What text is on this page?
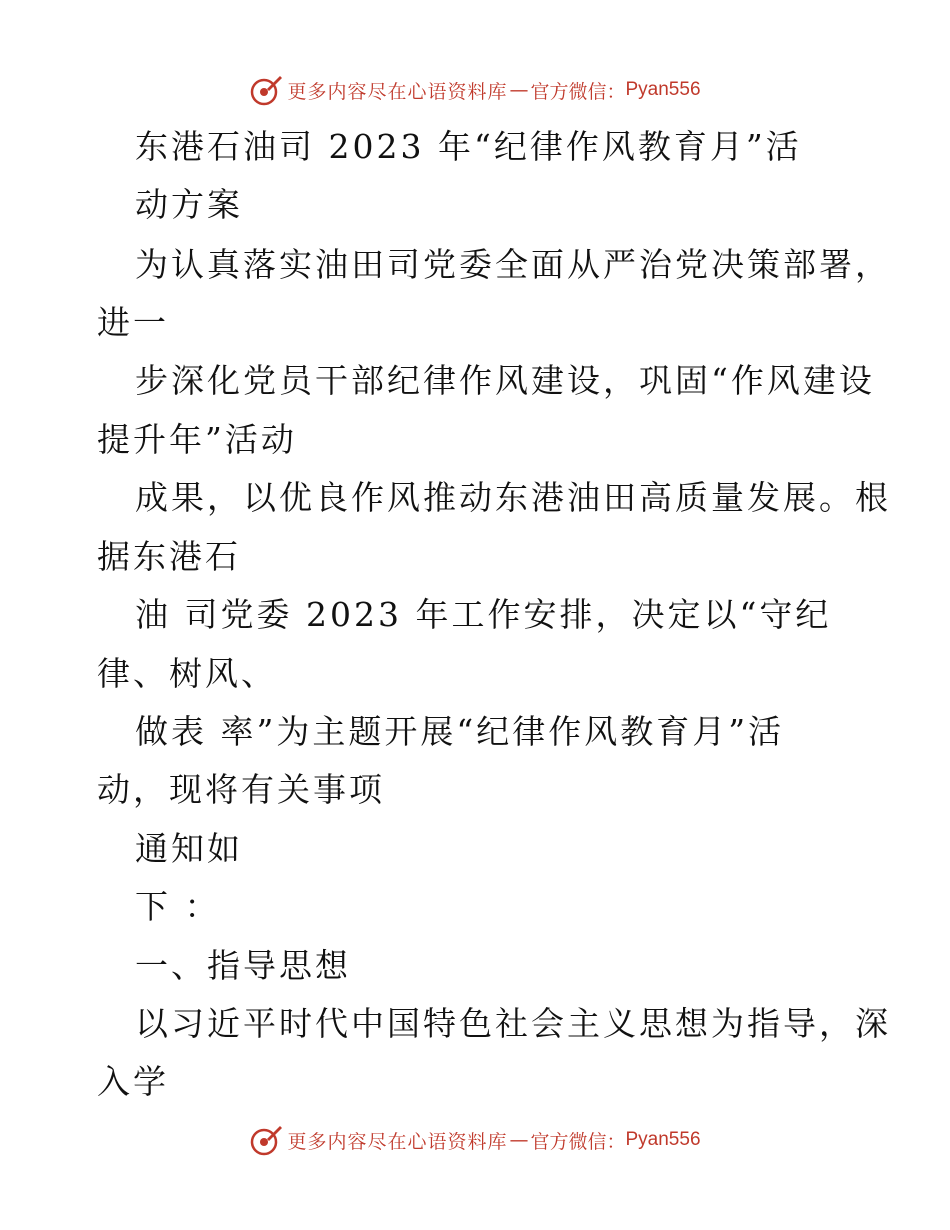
更多内容尽在心语资料库 — 官方微信： Pyan556
东港石油司 2023 年“纪律作风教育月”活
动方案
为认真落实油田司党委全面从严治党决策部署，
进一
步深化党员干部纪律作风建设，巩固“作风建设
提升年”活动
成果，以优良作风推动东港油田高质量发展。根
据东港石
油 司党委 2023 年工作安排，决定以“守纪
律、树风、
做表 率”为主题开展“纪律作风教育月”活
动，现将有关事项
通知如
下 ：
一、指导思想
以习近平时代中国特色社会主义思想为指导，深
入学
更多内容尽在心语资料库 — 官方微信： Pyan556
